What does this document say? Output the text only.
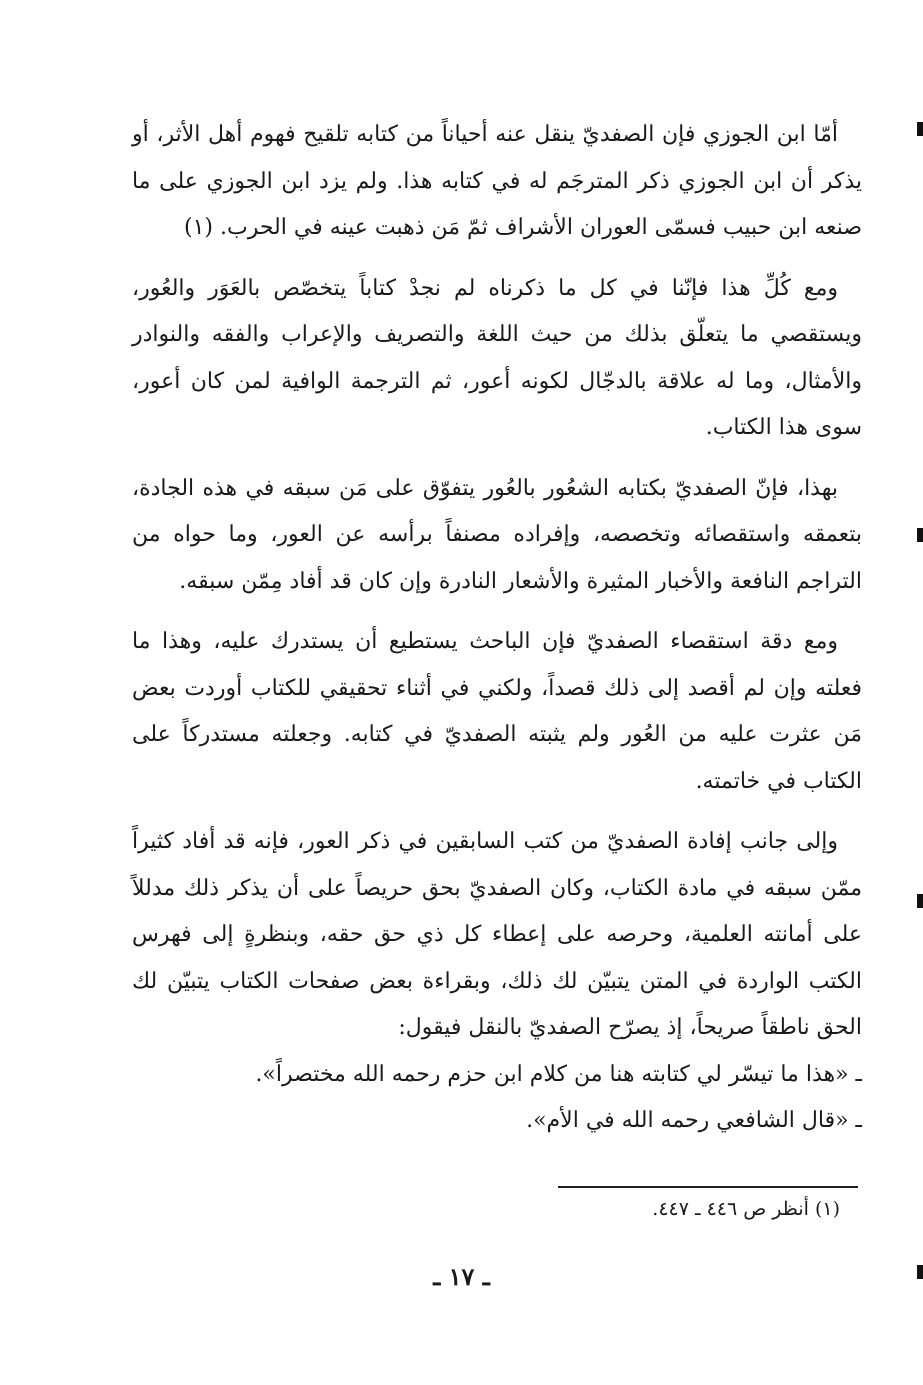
أمّا ابن الجوزي فإن الصفديّ ينقل عنه أحياناً من كتابه تلقيح فهوم أهل الأثر، أو يذكر أن ابن الجوزي ذكر المترجَم له في كتابه هذا. ولم يزد ابن الجوزي على ما صنعه ابن حبيب فسمّى العوران الأشراف ثمّ مَن ذهبت عينه في الحرب. (١)

ومع كُلِّ هذا فإنّنا في كل ما ذكرناه لم نجدْ كتاباً يتخصّص بالعَوَر والعُور، ويستقصي ما يتعلّق بذلك من حيث اللغة والتصريف والإعراب والفقه والنوادر والأمثال، وما له علاقة بالدجّال لكونه أعور، ثم الترجمة الوافية لمن كان أعور، سوى هذا الكتاب.

بهذا، فإنّ الصفديّ بكتابه الشعُور بالعُور يتفوّق على مَن سبقه في هذه الجادة، بتعمقه واستقصائه وتخصصه، وإفراده مصنفاً برأسه عن العور، وما حواه من التراجم النافعة والأخبار المثيرة والأشعار النادرة وإن كان قد أفاد مِمّن سبقه.

ومع دقة استقصاء الصفديّ فإن الباحث يستطيع أن يستدرك عليه، وهذا ما فعلته وإن لم أقصد إلى ذلك قصداً، ولكني في أثناء تحقيقي للكتاب أوردت بعض مَن عثرت عليه من العُور ولم يثبته الصفديّ في كتابه. وجعلته مستدركاً على الكتاب في خاتمته.

وإلى جانب إفادة الصفديّ من كتب السابقين في ذكر العور، فإنه قد أفاد كثيراً ممّن سبقه في مادة الكتاب، وكان الصفديّ بحق حريصاً على أن يذكر ذلك مدللاً على أمانته العلمية، وحرصه على إعطاء كل ذي حق حقه، وبنظرةٍ إلى فهرس الكتب الواردة في المتن يتبيّن لك ذلك، وبقراءة بعض صفحات الكتاب يتبيّن لك الحق ناطقاً صريحاً، إذ يصرّح الصفديّ بالنقل فيقول:

ـ «هذا ما تيسّر لي كتابته هنا من كلام ابن حزم رحمه الله مختصراً».

ـ «قال الشافعي رحمه الله في الأم».

(١) أنظر ص ٤٤٦ ـ ٤٤٧.
ـ ١٧ ـ
